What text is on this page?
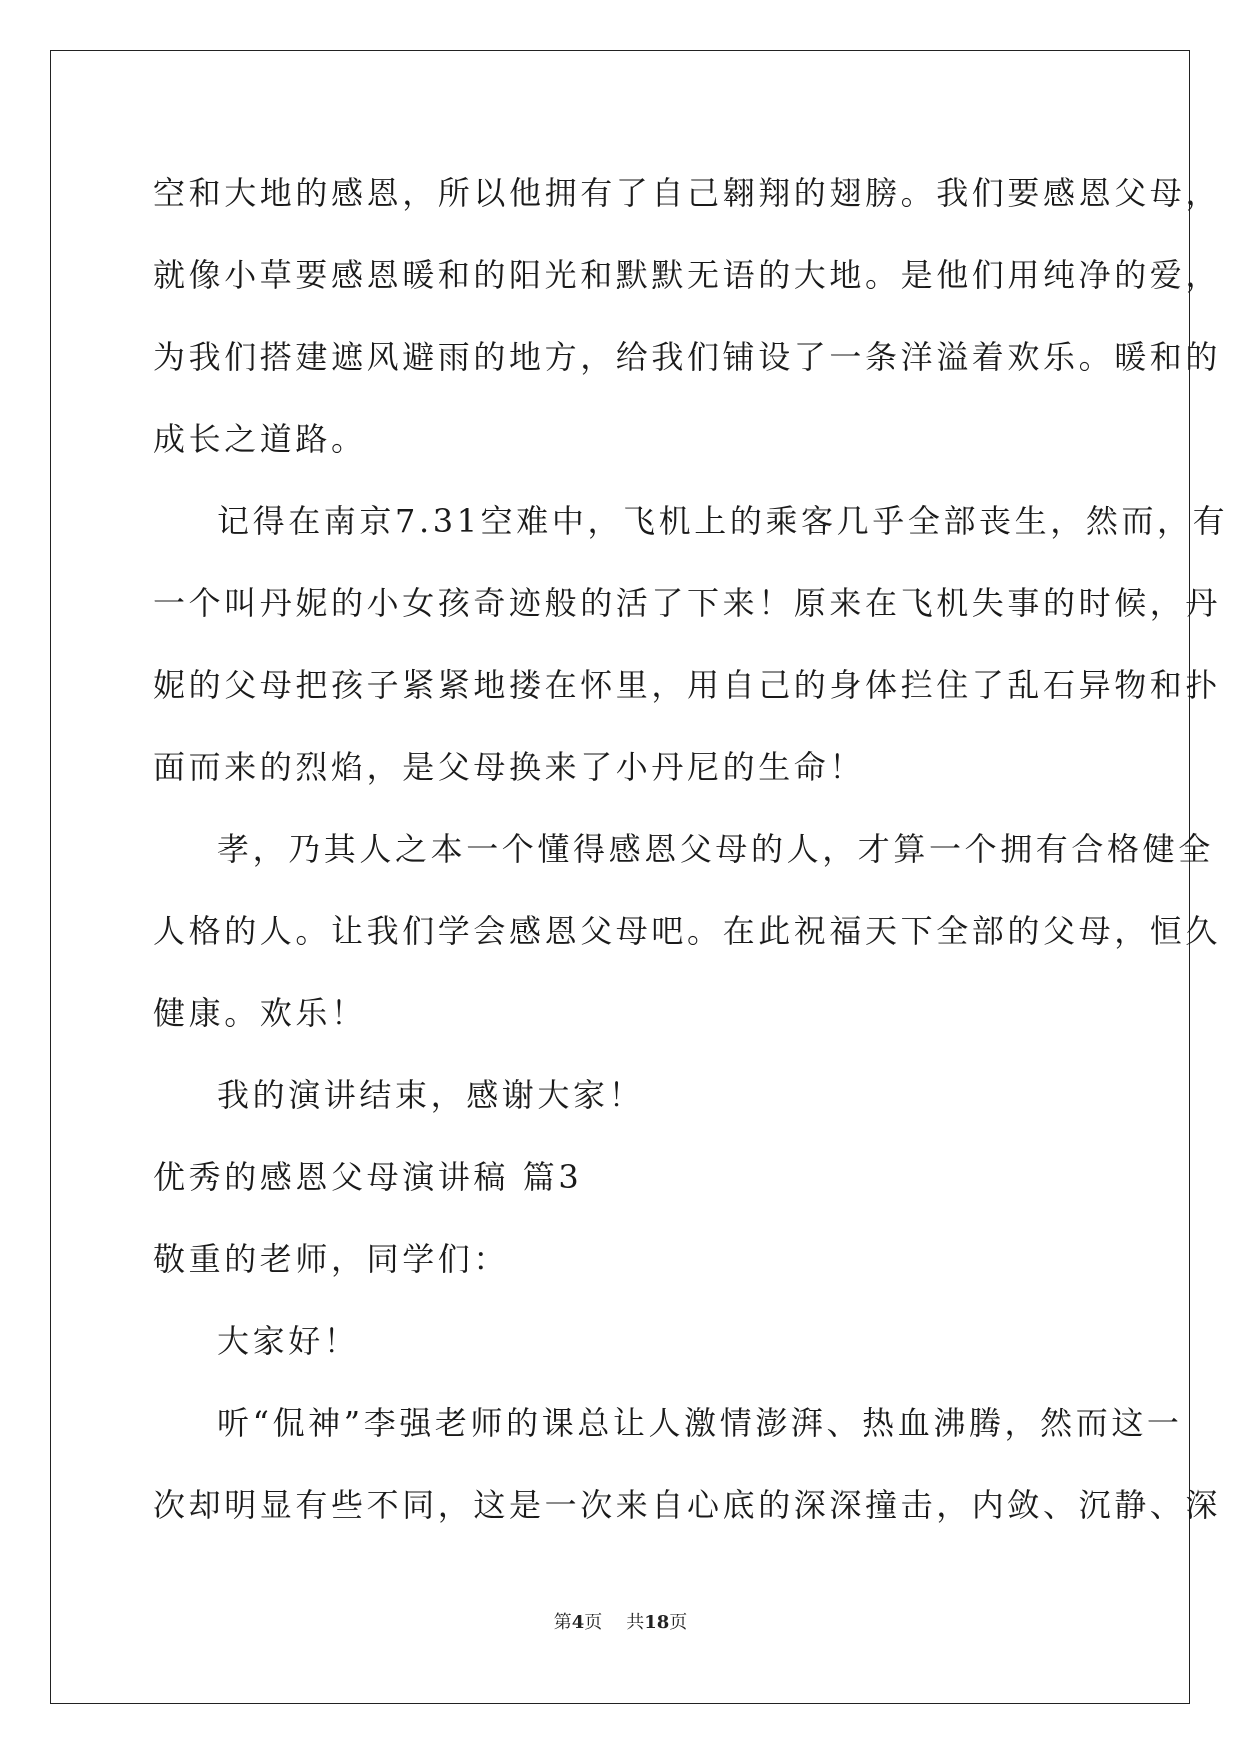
空和大地的感恩，所以他拥有了自己翱翔的翅膀。我们要感恩父母，
就像小草要感恩暖和的阳光和默默无语的大地。是他们用纯净的爱，
为我们搭建遮风避雨的地方，给我们铺设了一条洋溢着欢乐。暖和的
成长之道路。
记得在南京7.31空难中，飞机上的乘客几乎全部丧生，然而，有
一个叫丹妮的小女孩奇迹般的活了下来！原来在飞机失事的时候，丹
妮的父母把孩子紧紧地搂在怀里，用自己的身体拦住了乱石异物和扑
面而来的烈焰，是父母换来了小丹尼的生命！
孝，乃其人之本一个懂得感恩父母的人，才算一个拥有合格健全
人格的人。让我们学会感恩父母吧。在此祝福天下全部的父母，恒久
健康。欢乐！
我的演讲结束，感谢大家！
优秀的感恩父母演讲稿 篇3
敬重的老师，同学们：
大家好！
听“侃神”李强老师的课总让人激情澎湃、热血沸腾，然而这一
次却明显有些不同，这是一次来自心底的深深撞击，内敛、沉静、深
第4页 共18页
